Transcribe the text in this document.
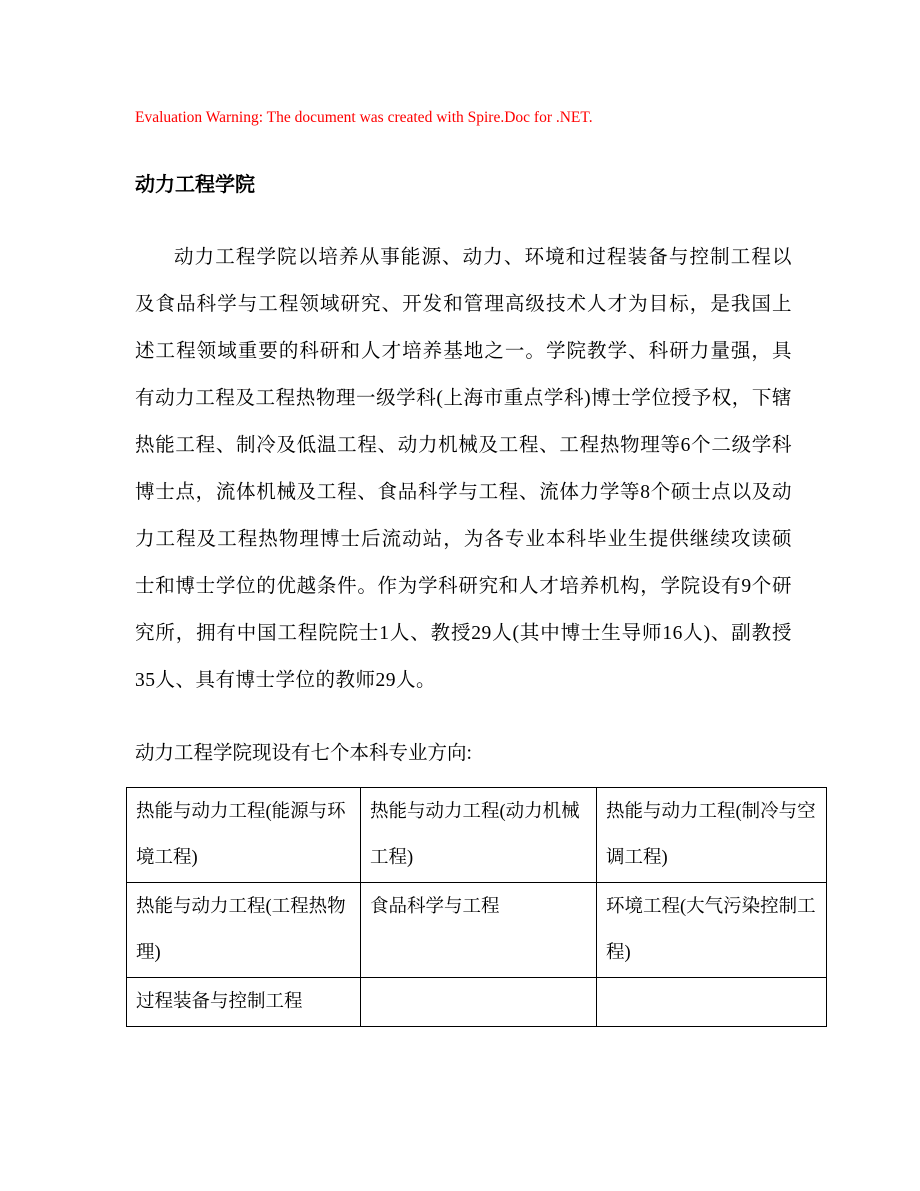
Evaluation Warning: The document was created with Spire.Doc for .NET.

动力工程学院

动力工程学院以培养从事能源、动力、环境和过程装备与控制工程以及食品科学与工程领域研究、开发和管理高级技术人才为目标，是我国上述工程领域重要的科研和人才培养基地之一。学院教学、科研力量强，具有动力工程及工程热物理一级学科(上海市重点学科)博士学位授予权，下辖热能工程、制冷及低温工程、动力机械及工程、工程热物理等6个二级学科博士点，流体机械及工程、食品科学与工程、流体力学等8个硕士点以及动力工程及工程热物理博士后流动站，为各专业本科毕业生提供继续攻读硕士和博士学位的优越条件。作为学科研究和人才培养机构，学院设有9个研究所，拥有中国工程院院士1人、教授29人(其中博士生导师16人)、副教授35人、具有博士学位的教师29人。

动力工程学院现设有七个本科专业方向:

热能与动力工程(能源与环境工程)	热能与动力工程(动力机械工程)	热能与动力工程(制冷与空调工程)
热能与动力工程(工程热物理)	食品科学与工程	环境工程(大气污染控制工程)
过程装备与控制工程		
